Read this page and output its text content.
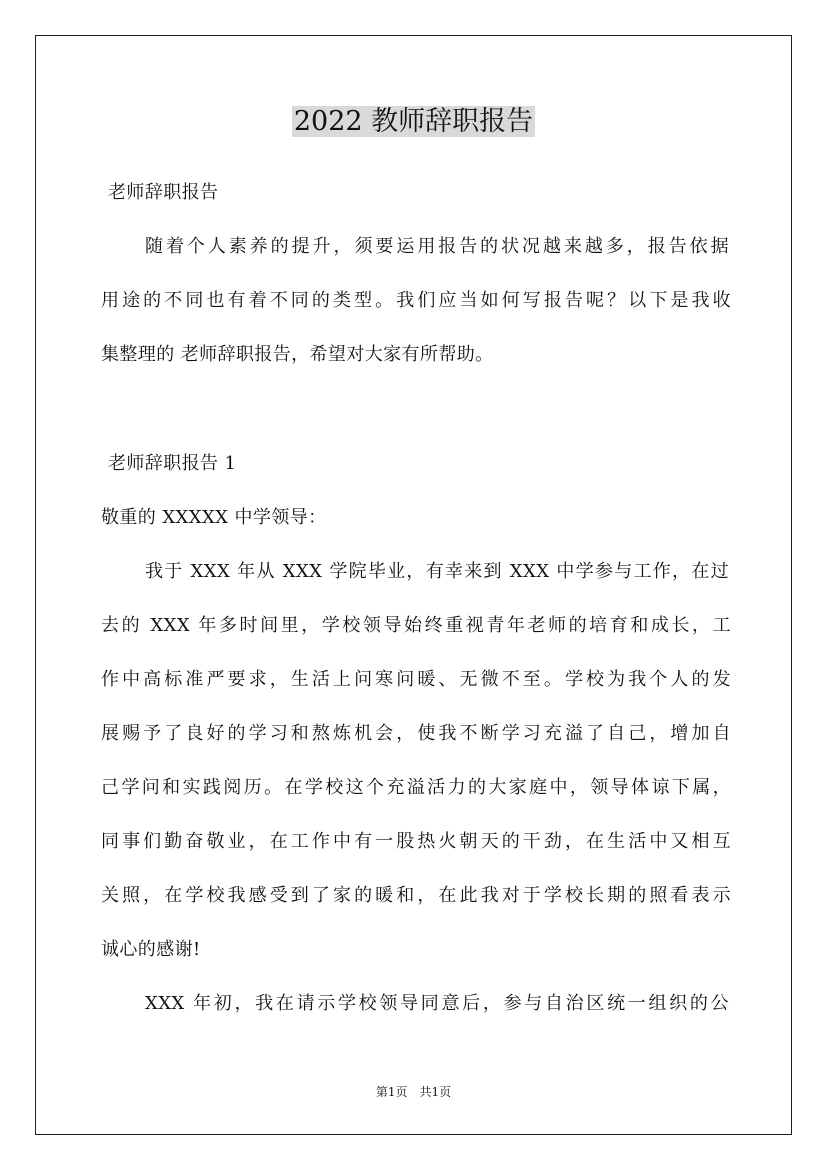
2022 教师辞职报告
老师辞职报告
随着个人素养的提升，须要运用报告的状况越来越多，报告依据
用途的不同也有着不同的类型。我们应当如何写报告呢？以下是我收
集整理的 老师辞职报告，希望对大家有所帮助。
老师辞职报告 1
敬重的 XXXXX 中学领导：
我于 XXX 年从 XXX 学院毕业，有幸来到 XXX 中学参与工作，在过
去的 XXX 年多时间里，学校领导始终重视青年老师的培育和成长，工
作中高标准严要求，生活上问寒问暖、无微不至。学校为我个人的发
展赐予了良好的学习和熬炼机会，使我不断学习充溢了自己，增加自
己学问和实践阅历。在学校这个充溢活力的大家庭中，领导体谅下属，
同事们勤奋敬业，在工作中有一股热火朝天的干劲，在生活中又相互
关照，在学校我感受到了家的暖和，在此我对于学校长期的照看表示
诚心的感谢!
XXX 年初，我在请示学校领导同意后，参与自治区统一组织的公
第1页　共1页
